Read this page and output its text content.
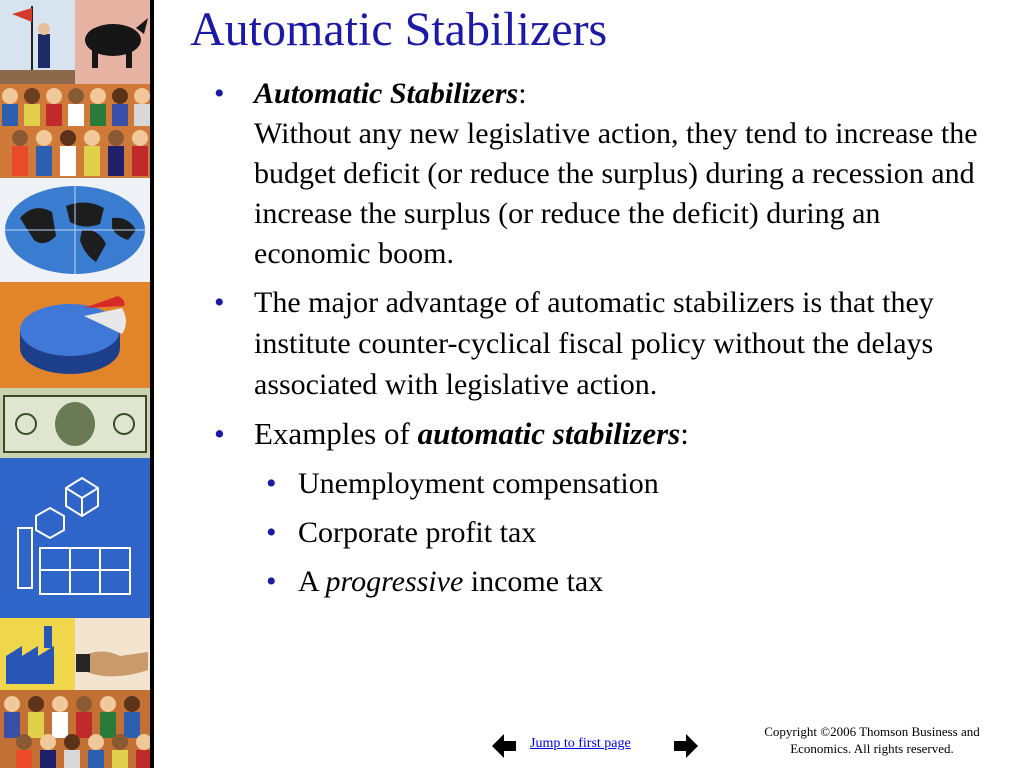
Automatic Stabilizers
• Automatic Stabilizers:
Without any new legislative action, they tend to increase the budget deficit (or reduce the surplus) during a recession and increase the surplus (or reduce the deficit) during an economic boom.
• The major advantage of automatic stabilizers is that they institute counter-cyclical fiscal policy without the delays associated with legislative action.
• Examples of automatic stabilizers:
• Unemployment compensation
• Corporate profit tax
• A progressive income tax
Jump to first page
Copyright ©2006 Thomson Business and
Economics. All rights reserved.
